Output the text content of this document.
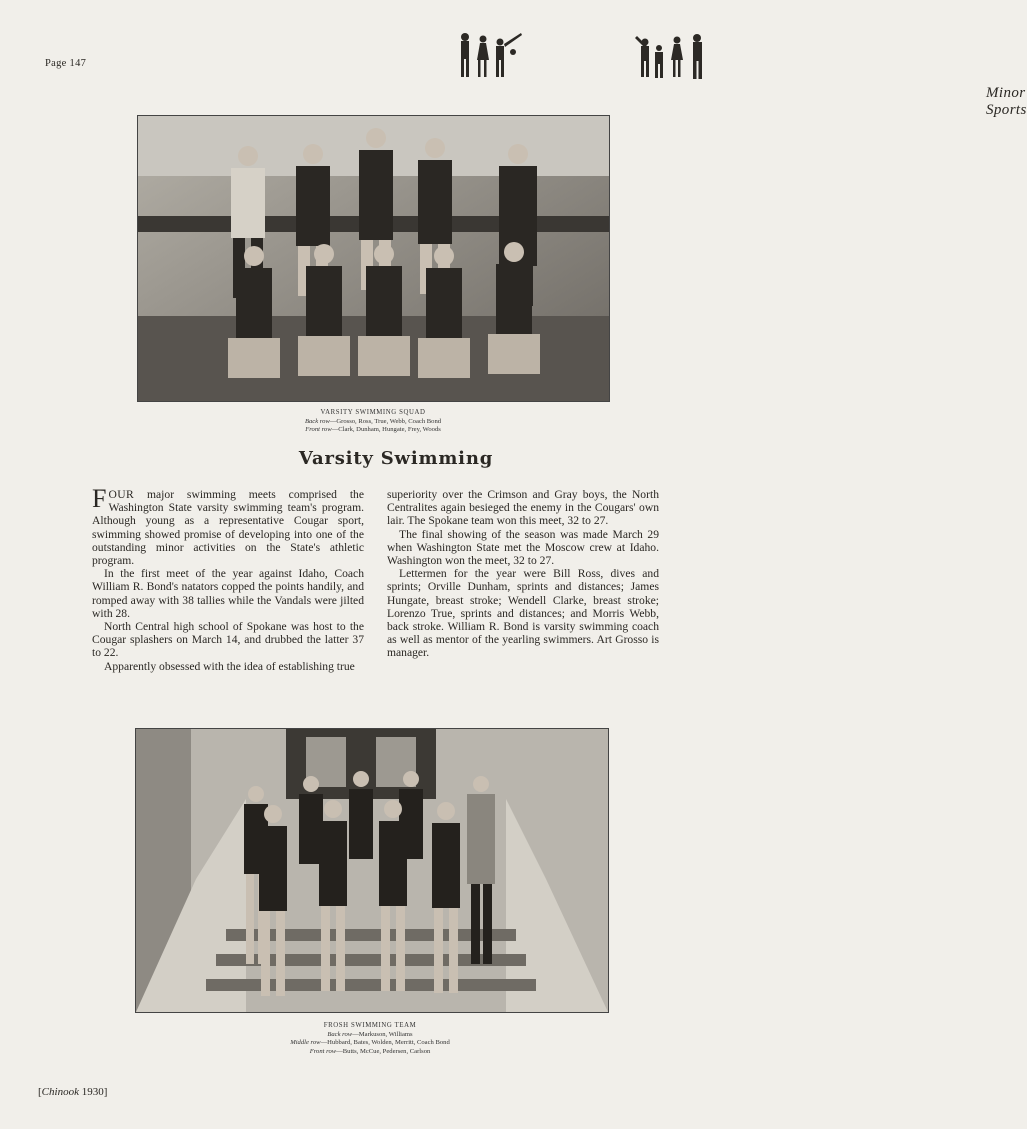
Page 147
Minor Sports
VARSITY SWIMMING SQUAD
Back row—Grosso, Ross, True, Webb, Coach Bond
Front row—Clark, Dunham, Hungate, Frey, Woods
Varsity Swimming

FOUR major swimming meets comprised the Washington State varsity swimming team's program. Although young as a representative Cougar sport, swimming showed promise of developing into one of the outstanding minor activities on the State's athletic program.

In the first meet of the year against Idaho, Coach William R. Bond's natators copped the points handily, and romped away with 38 tallies while the Vandals were jilted with 28.

North Central high school of Spokane was host to the Cougar splashers on March 14, and drubbed the latter 37 to 22.

Apparently obsessed with the idea of establishing true

superiority over the Crimson and Gray boys, the North Centralites again besieged the enemy in the Cougars' own lair. The Spokane team won this meet, 32 to 27.

The final showing of the season was made March 29 when Washington State met the Moscow crew at Idaho. Washington won the meet, 32 to 27.

Lettermen for the year were Bill Ross, dives and sprints; Orville Dunham, sprints and distances; James Hungate, breast stroke; Wendell Clarke, breast stroke; Lorenzo True, sprints and distances; and Morris Webb, back stroke. William R. Bond is varsity swimming coach as well as mentor of the yearling swimmers. Art Grosso is manager.

FROSH SWIMMING TEAM
Back row—Markuson, Williams
Middle row—Hubbard, Bates, Wolden, Merritt, Coach Bond
Front row—Butts, McCue, Pedersen, Carlson
[Chinook 1930]
